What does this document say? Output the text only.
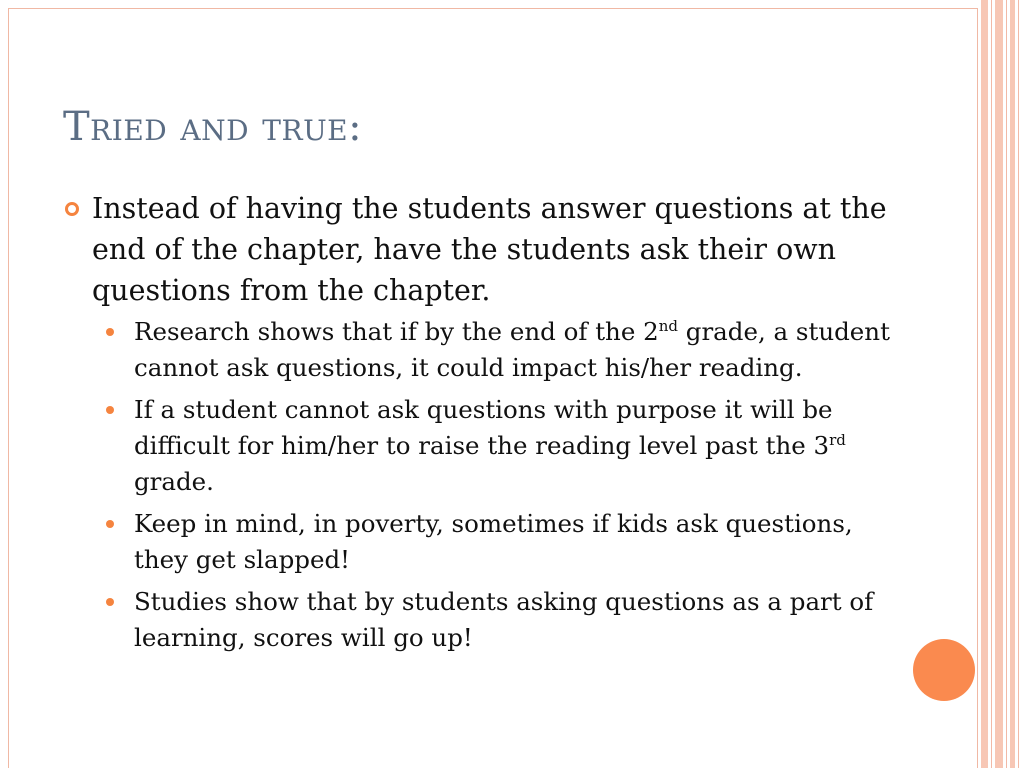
Tried and true:

Instead of having the students answer questions at the end of the chapter, have the students ask their own questions from the chapter.

Research shows that if by the end of the 2nd grade, a student cannot ask questions, it could impact his/her reading.

If a student cannot ask questions with purpose it will be difficult for him/her to raise the reading level past the 3rd grade.

Keep in mind, in poverty, sometimes if kids ask questions, they get slapped!

Studies show that by students asking questions as a part of learning, scores will go up!
